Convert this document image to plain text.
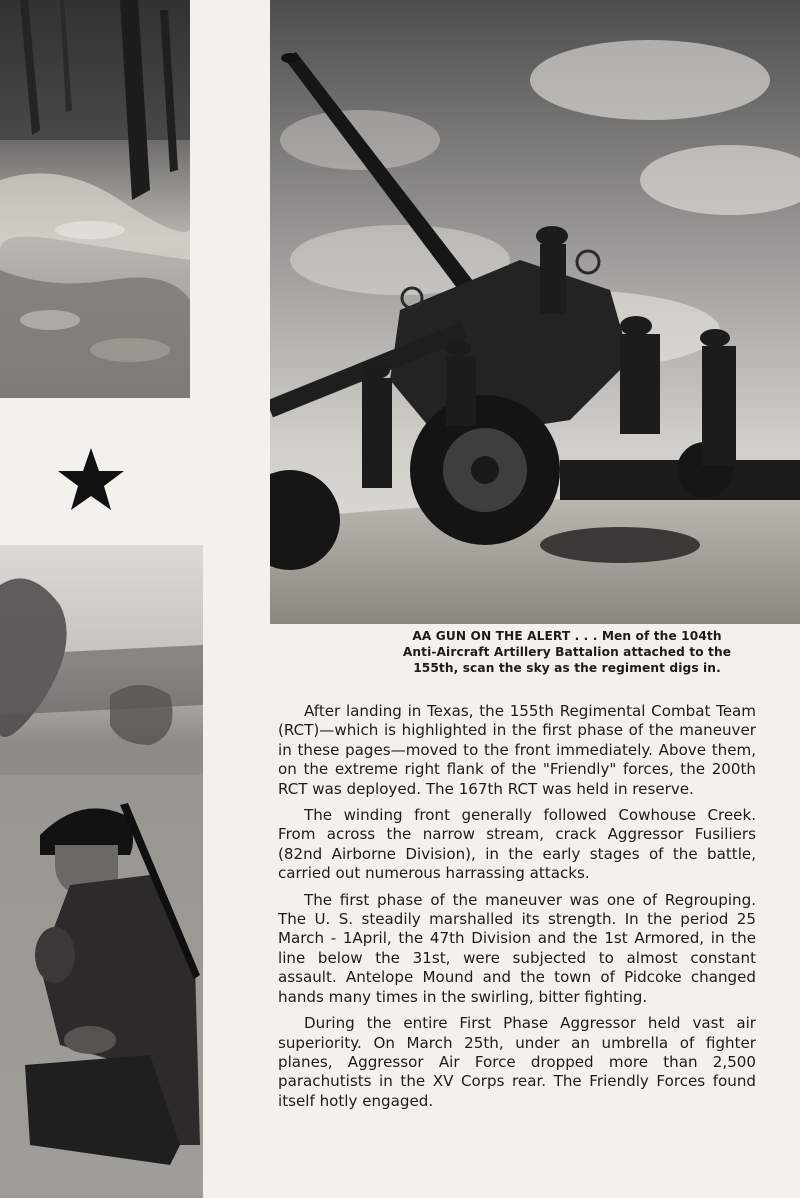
AA GUN ON THE ALERT . . . Men of the 104th
Anti-Aircraft Artillery Battalion attached to the
155th, scan the sky as the regiment digs in.

After landing in Texas, the 155th Regimental Combat Team (RCT)—which is highlighted in the first phase of the maneuver in these pages—moved to the front immediately. Above them, on the extreme right flank of the "Friendly" forces, the 200th RCT was deployed. The 167th RCT was held in reserve.

The winding front generally followed Cowhouse Creek. From across the narrow stream, crack Aggressor Fusiliers (82nd Airborne Division), in the early stages of the battle, carried out numerous harrassing attacks.

The first phase of the maneuver was one of Regrouping. The U. S. steadily marshalled its strength. In the period 25 March - 1April, the 47th Division and the 1st Armored, in the line below the 31st, were subjected to almost constant assault. Antelope Mound and the town of Pidcoke changed hands many times in the swirling, bitter fighting.

During the entire First Phase Aggressor held vast air superiority. On March 25th, under an umbrella of fighter planes, Aggressor Air Force dropped more than 2,500 parachutists in the XV Corps rear. The Friendly Forces found itself hotly engaged.
